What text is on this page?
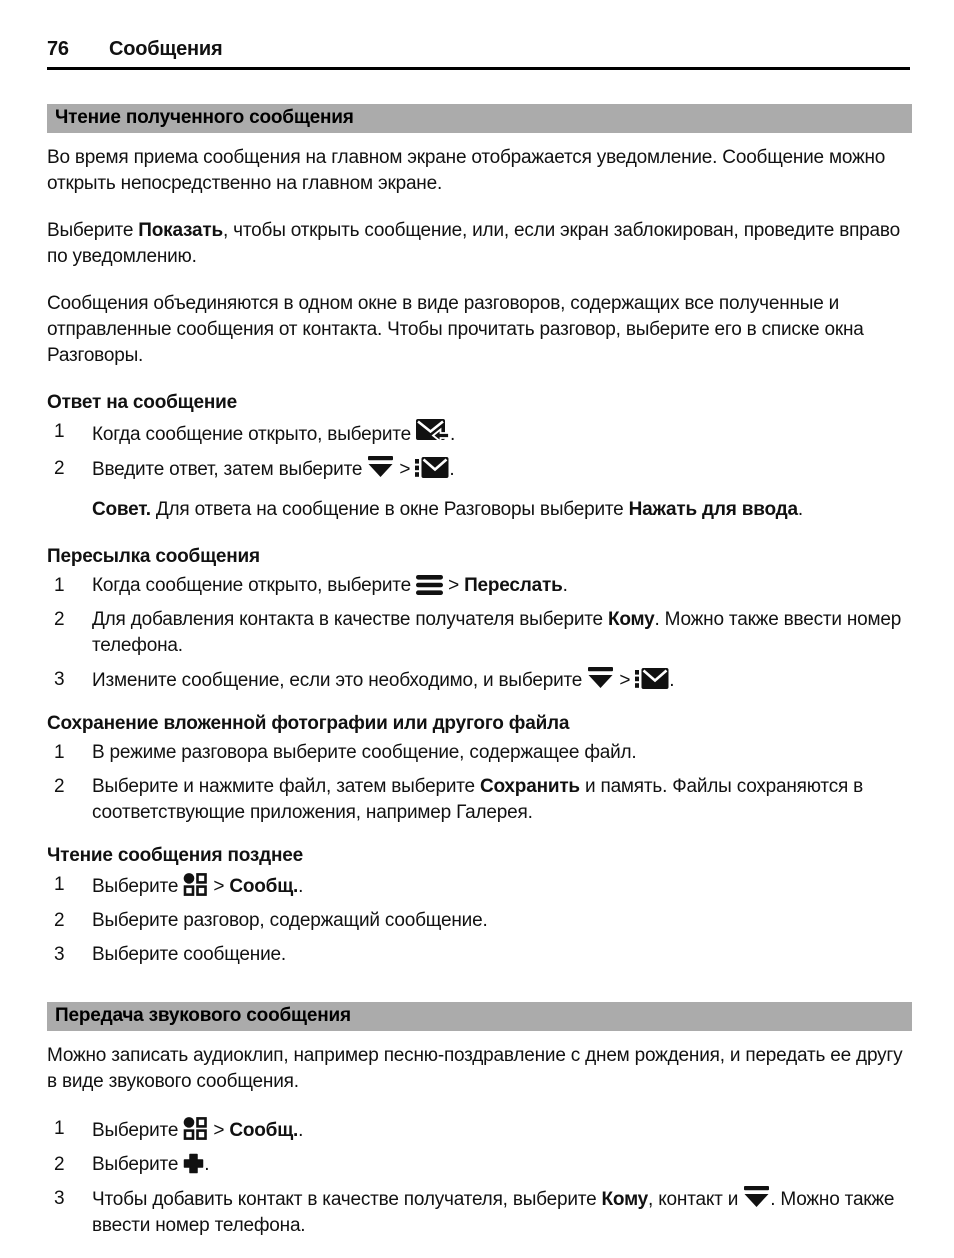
76 Сообщения
Чтение полученного сообщения

Во время приема сообщения на главном экране отображается уведомление. Сообщение можно открыть непосредственно на главном экране.

Выберите Показать, чтобы открыть сообщение, или, если экран заблокирован, проведите вправо по уведомлению.

Сообщения объединяются в одном окне в виде разговоров, содержащих все полученные и отправленные сообщения от контакта. Чтобы прочитать разговор, выберите его в списке окна Разговоры.

Ответ на сообщение
1 Когда сообщение открыто, выберите .
2 Введите ответ, затем выберите  > .

Совет. Для ответа на сообщение в окне Разговоры выберите Нажать для ввода.

Пересылка сообщения
1 Когда сообщение открыто, выберите  > Переслать.
2 Для добавления контакта в качестве получателя выберите Кому. Можно также ввести номер телефона.
3 Измените сообщение, если это необходимо, и выберите  > .
Сохранение вложенной фотографии или другого файла
1 В режиме разговора выберите сообщение, содержащее файл.
2 Выберите и нажмите файл, затем выберите Сохранить и память. Файлы сохраняются в соответствующие приложения, например Галерея.
Чтение сообщения позднее
1 Выберите  > Сообщ..
2 Выберите разговор, содержащий сообщение.
3 Выберите сообщение.
Передача звукового сообщения

Можно записать аудиоклип, например песню-поздравление с днем рождения, и передать ее другу в виде звукового сообщения.

1 Выберите  > Сообщ..
2 Выберите .
3 Чтобы добавить контакт в качестве получателя, выберите Кому, контакт и . Можно также ввести номер телефона.
